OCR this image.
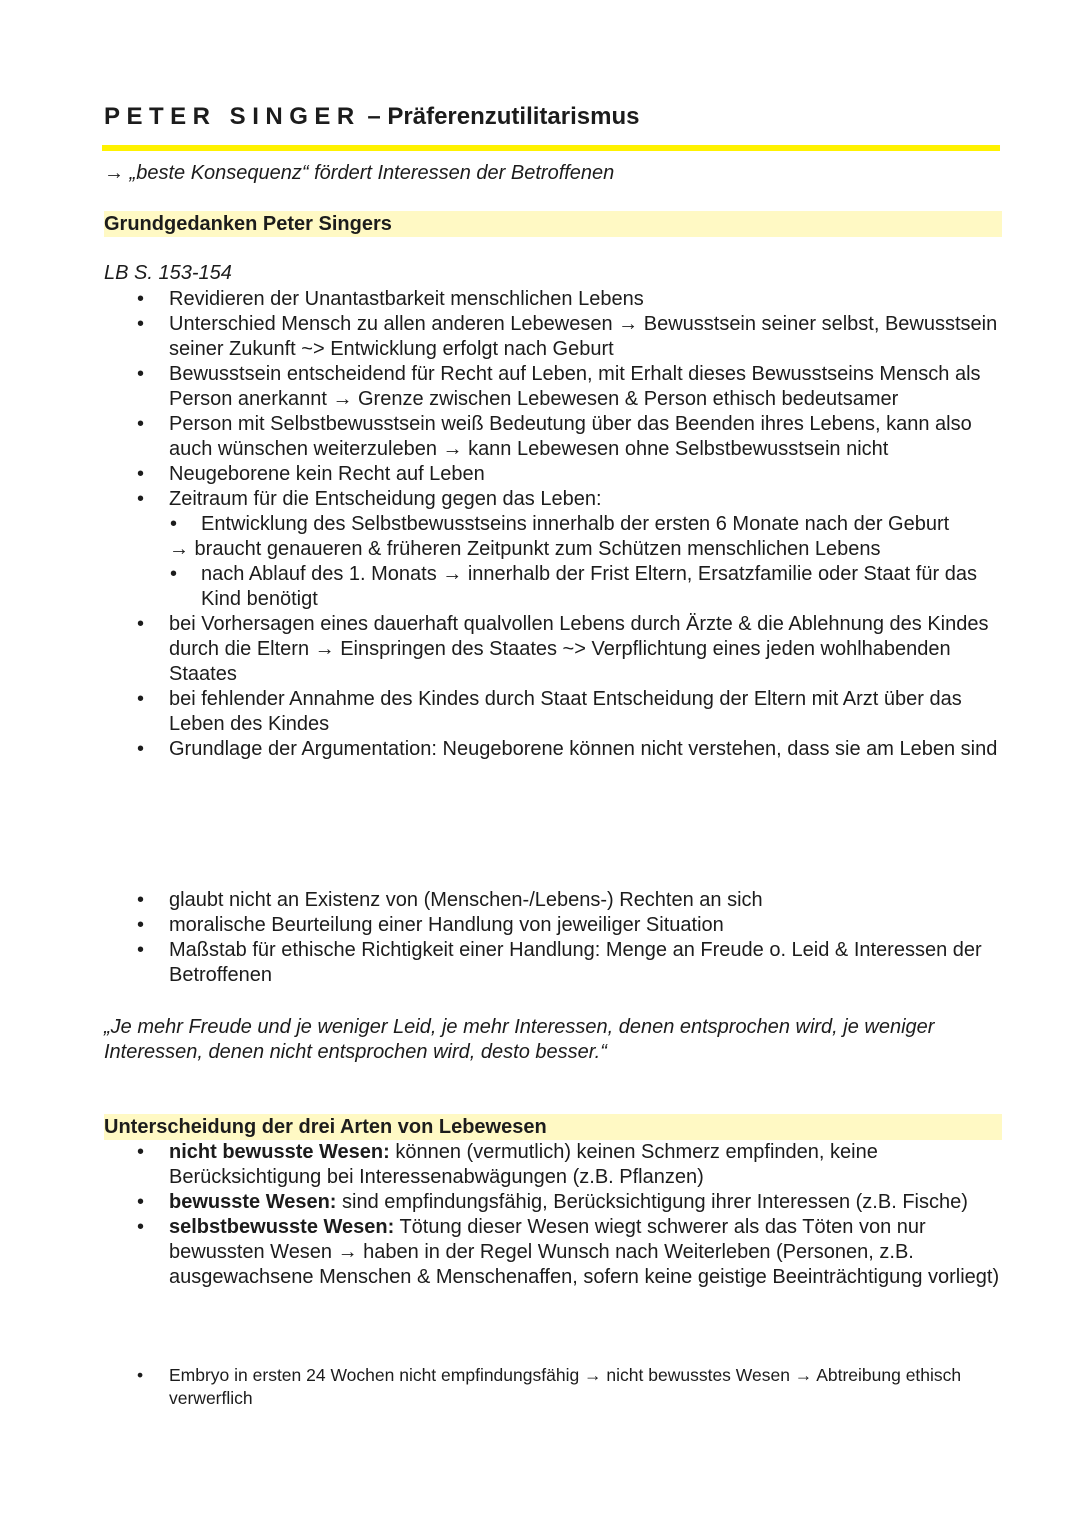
PETER SINGER – Präferenzutilitarismus
→ „beste Konsequenz“ fördert Interessen der Betroffenen
Grundgedanken Peter Singers
LB S. 153-154
• Revidieren der Unantastbarkeit menschlichen Lebens
• Unterschied Mensch zu allen anderen Lebewesen → Bewusstsein seiner selbst, Bewusstsein seiner Zukunft ~> Entwicklung erfolgt nach Geburt
• Bewusstsein entscheidend für Recht auf Leben, mit Erhalt dieses Bewusstseins Mensch als Person anerkannt → Grenze zwischen Lebewesen & Person ethisch bedeutsamer
• Person mit Selbstbewusstsein weiß Bedeutung über das Beenden ihres Lebens, kann also auch wünschen weiterzuleben → kann Lebewesen ohne Selbstbewusstsein nicht
• Neugeborene kein Recht auf Leben
• Zeitraum für die Entscheidung gegen das Leben:
• Entwicklung des Selbstbewusstseins innerhalb der ersten 6 Monate nach der Geburt
→ braucht genaueren & früheren Zeitpunkt zum Schützen menschlichen Lebens
• nach Ablauf des 1. Monats → innerhalb der Frist Eltern, Ersatzfamilie oder Staat für das Kind benötigt
• bei Vorhersagen eines dauerhaft qualvollen Lebens durch Ärzte & die Ablehnung des Kindes durch die Eltern → Einspringen des Staates ~> Verpflichtung eines jeden wohlhabenden Staates
• bei fehlender Annahme des Kindes durch Staat Entscheidung der Eltern mit Arzt über das Leben des Kindes
• Grundlage der Argumentation: Neugeborene können nicht verstehen, dass sie am Leben sind
• glaubt nicht an Existenz von (Menschen-/Lebens-) Rechten an sich
• moralische Beurteilung einer Handlung von jeweiliger Situation
• Maßstab für ethische Richtigkeit einer Handlung: Menge an Freude o. Leid & Interessen der Betroffenen
„Je mehr Freude und je weniger Leid, je mehr Interessen, denen entsprochen wird, je weniger Interessen, denen nicht entsprochen wird, desto besser.“
Unterscheidung der drei Arten von Lebewesen
• nicht bewusste Wesen: können (vermutlich) keinen Schmerz empfinden, keine Berücksichtigung bei Interessenabwägungen (z.B. Pflanzen)
• bewusste Wesen: sind empfindungsfähig, Berücksichtigung ihrer Interessen (z.B. Fische)
• selbstbewusste Wesen: Tötung dieser Wesen wiegt schwerer als das Töten von nur bewussten Wesen → haben in der Regel Wunsch nach Weiterleben (Personen, z.B. ausgewachsene Menschen & Menschenaffen, sofern keine geistige Beeinträchtigung vorliegt)
• Embryo in ersten 24 Wochen nicht empfindungsfähig → nicht bewusstes Wesen → Abtreibung ethisch verwerflich
